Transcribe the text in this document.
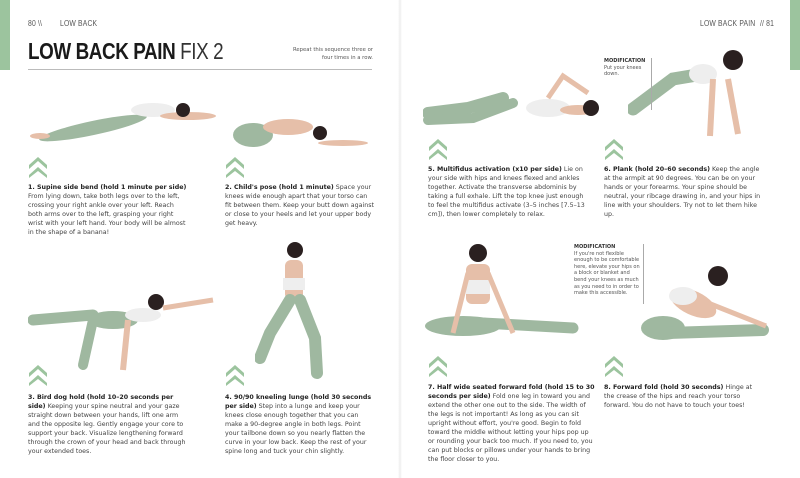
80 \\ LOW BACK
LOW BACK PAIN FIX 2	Repeat this sequence three or four times in a row.
LOW BACK PAIN // 81
MODIFICATION
Put your knees down.
MODIFICATION
If you're not flexible enough to be comfortable here, elevate your hips on a block or blanket and bend your knees as much as you need to in order to make this accessible.
1. Supine side bend (hold 1 minute per side) From lying down, take both legs over to the left, crossing your right ankle over your left. Reach both arms over to the left, grasping your right wrist with your left hand. Your body will be almost in the shape of a banana!
2. Child's pose (hold 1 minute) Space your knees wide enough apart that your torso can fit between them. Keep your butt down against or close to your heels and let your upper body get heavy.
3. Bird dog hold (hold 10–20 seconds per side) Keeping your spine neutral and your gaze straight down between your hands, lift one arm and the opposite leg. Gently engage your core to support your back. Visualize lengthening forward through the crown of your head and back through your extended toes.
4. 90/90 kneeling lunge (hold 30 seconds per side) Step into a lunge and keep your knees close enough together that you can make a 90-degree angle in both legs. Point your tailbone down so you nearly flatten the curve in your low back. Keep the rest of your spine long and tuck your chin slightly.
5. Multifidus activation (x10 per side) Lie on your side with hips and knees flexed and ankles together. Activate the transverse abdominis by taking a full exhale. Lift the top knee just enough to feel the multifidus activate (3–5 inches [7.5–13 cm]), then lower completely to relax.
6. Plank (hold 20–60 seconds) Keep the angle at the armpit at 90 degrees. You can be on your hands or your forearms. Your spine should be neutral, your ribcage drawing in, and your hips in line with your shoulders. Try not to let them hike up.
7. Half wide seated forward fold (hold 15 to 30 seconds per side) Fold one leg in toward you and extend the other one out to the side. The width of the legs is not important! As long as you can sit upright without effort, you're good. Begin to fold toward the middle without letting your hips pop up or rounding your back too much. If you need to, you can put blocks or pillows under your hands to bring the floor closer to you.
8. Forward fold (hold 30 seconds) Hinge at the crease of the hips and reach your torso forward. You do not have to touch your toes!
